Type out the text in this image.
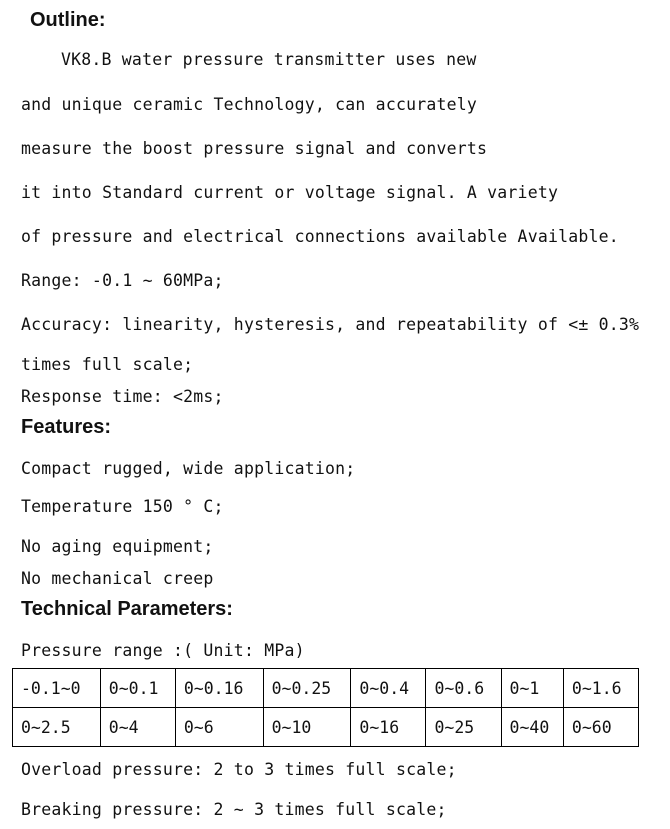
Outline:

VK8.B water pressure transmitter uses new

and unique ceramic Technology, can accurately

measure the boost pressure signal and converts

it into Standard current or voltage signal. A variety

of pressure and electrical connections available Available.

Range: -0.1 ~ 60MPa;

Accuracy: linearity, hysteresis, and repeatability of <± 0.3%

times full scale;

Response time: <2ms;

Features:

Compact rugged, wide application;

Temperature 150 ° C;

No aging equipment;

No mechanical creep

Technical Parameters:

Pressure range :( Unit: MPa)

-0.1~0	0~0.1	0~0.16	0~0.25	0~0.4	0~0.6	0~1	0~1.6
0~2.5	0~4	0~6	0~10	0~16	0~25	0~40	0~60

Overload pressure: 2 to 3 times full scale;

Breaking pressure: 2 ~ 3 times full scale;
